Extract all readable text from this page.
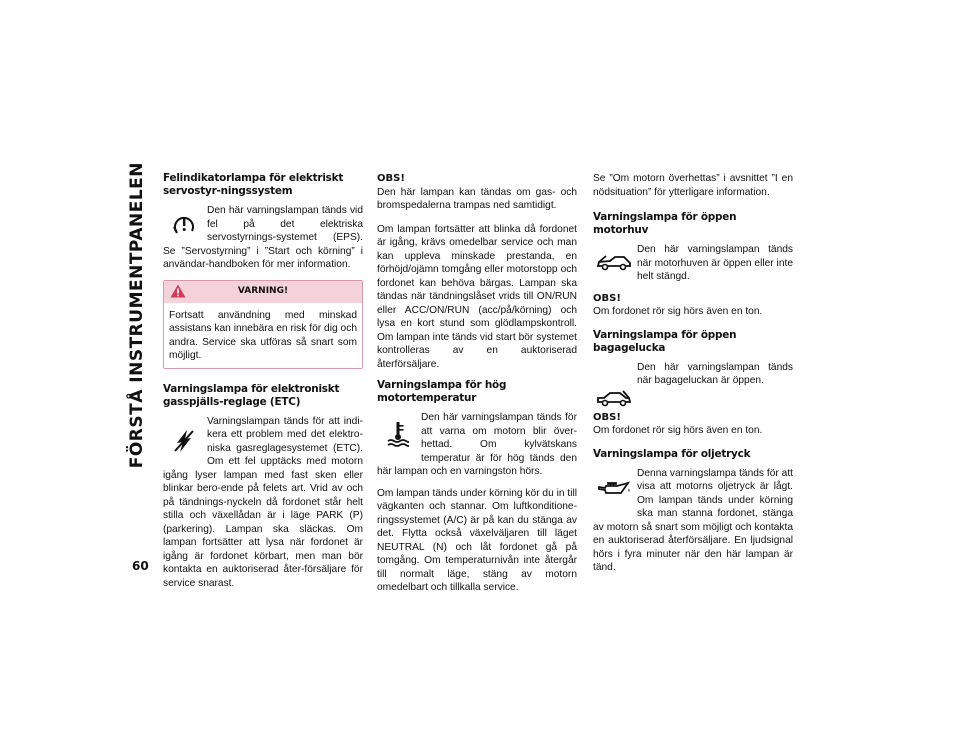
FÖRSTÅ INSTRUMENTPANELEN
60
Felindikatorlampa för elektriskt servostyr-ningssystem

Den här varningslampan tänds vid fel på det elektriska servostyrnings-systemet (EPS). Se ”Servostyrning” i ”Start och körning” i användar-handboken för mer information.

VARNING!
Fortsatt användning med minskad assistans kan innebära en risk för dig och andra. Service ska utföras så snart som möjligt.
Varningslampa för elektroniskt gasspjälls-reglage (ETC)

Varningslampan tänds för att indi-kera ett problem med det elektro-niska gasreglagesystemet (ETC). Om ett fel upptäcks med motorn igång lyser lampan med fast sken eller blinkar bero-ende på felets art. Vrid av och på tändnings-nyckeln då fordonet står helt stilla och växellådan är i läge PARK (P) (parkering). Lampan ska släckas. Om lampan fortsätter att lysa när fordonet är igång är fordonet körbart, men man bör kontakta en auktoriserad åter-försäljare för service snarast.

OBS!

Den här lampan kan tändas om gas- och bromspedalerna trampas ned samtidigt.

Om lampan fortsätter att blinka då fordonet är igång, krävs omedelbar service och man kan uppleva minskade prestanda, en förhöjd/ojämn tomgång eller motorstopp och fordonet kan behöva bärgas. Lampan ska tändas när tändningslåset vrids till ON/RUN eller ACC/ON/RUN (acc/på/körning) och lysa en kort stund som glödlampskontroll. Om lampan inte tänds vid start bör systemet kontrolleras av en auktoriserad återförsäljare.

Varningslampa för hög motortemperatur

Den här varningslampan tänds för att varna om motorn blir över-hettad. Om kylvätskans temperatur är för hög tänds den här lampan och en varningston hörs.

Om lampan tänds under körning kör du in till vägkanten och stannar. Om luftkonditione-ringssystemet (A/C) är på kan du stänga av det. Flytta också växelväljaren till läget NEUTRAL (N) och låt fordonet gå på tomgång. Om temperaturnivån inte återgår till normalt läge, stäng av motorn omedelbart och tillkalla service.

Se ”Om motorn överhettas” i avsnittet ”I en nödsituation” för ytterligare information.

Varningslampa för öppen motorhuv

Den här varningslampan tänds när motorhuven är öppen eller inte helt stängd.

OBS!

Om fordonet rör sig hörs även en ton.

Varningslampa för öppen bagagelucka

Den här varningslampan tänds när bagageluckan är öppen.

OBS!

Om fordonet rör sig hörs även en ton.

Varningslampa för oljetryck

Denna varningslampa tänds för att visa att motorns oljetryck är lågt. Om lampan tänds under körning ska man stanna fordonet, stänga av motorn så snart som möjligt och kontakta en auktoriserad återförsäljare. En ljudsignal hörs i fyra minuter när den här lampan är tänd.
